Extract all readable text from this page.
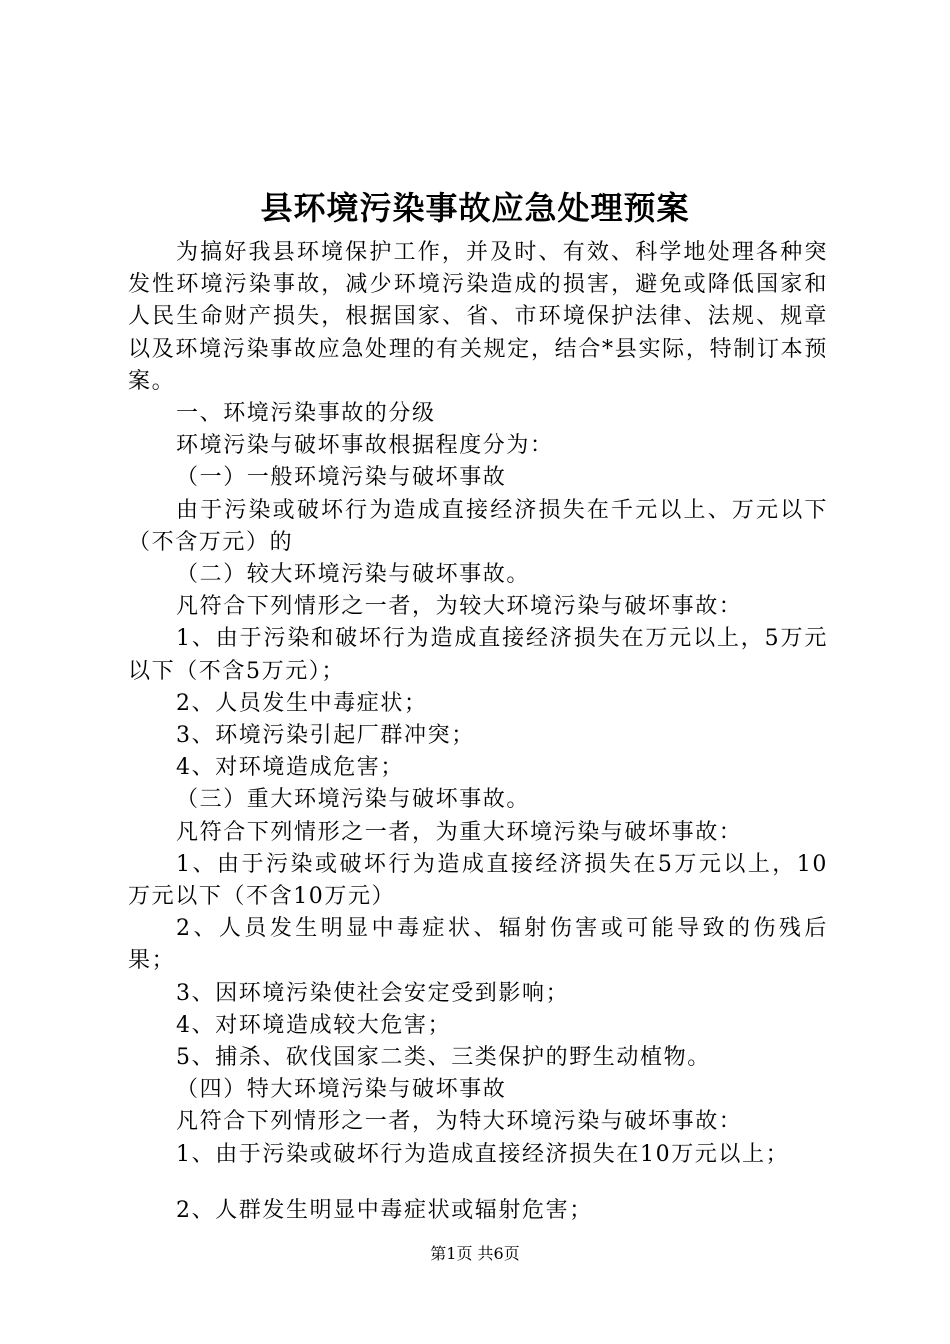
县环境污染事故应急处理预案

为搞好我县环境保护工作，并及时、有效、科学地处理各种突发性环境污染事故，减少环境污染造成的损害，避免或降低国家和人民生命财产损失，根据国家、省、市环境保护法律、法规、规章以及环境污染事故应急处理的有关规定，结合*县实际，特制订本预案。

一、环境污染事故的分级

环境污染与破坏事故根据程度分为：

（一）一般环境污染与破坏事故

由于污染或破坏行为造成直接经济损失在千元以上、万元以下（不含万元）的

（二）较大环境污染与破坏事故。

凡符合下列情形之一者，为较大环境污染与破坏事故：

1、由于污染和破坏行为造成直接经济损失在万元以上，5万元以下（不含5万元）；

2、人员发生中毒症状；

3、环境污染引起厂群冲突；

4、对环境造成危害；

（三）重大环境污染与破坏事故。

凡符合下列情形之一者，为重大环境污染与破坏事故：

1、由于污染或破坏行为造成直接经济损失在5万元以上，10万元以下（不含10万元）

2、人员发生明显中毒症状、辐射伤害或可能导致的伤残后果；

3、因环境污染使社会安定受到影响；

4、对环境造成较大危害；

5、捕杀、砍伐国家二类、三类保护的野生动植物。

（四）特大环境污染与破坏事故

凡符合下列情形之一者，为特大环境污染与破坏事故：

1、由于污染或破坏行为造成直接经济损失在10万元以上；

2、人群发生明显中毒症状或辐射危害；

第1页 共6页
